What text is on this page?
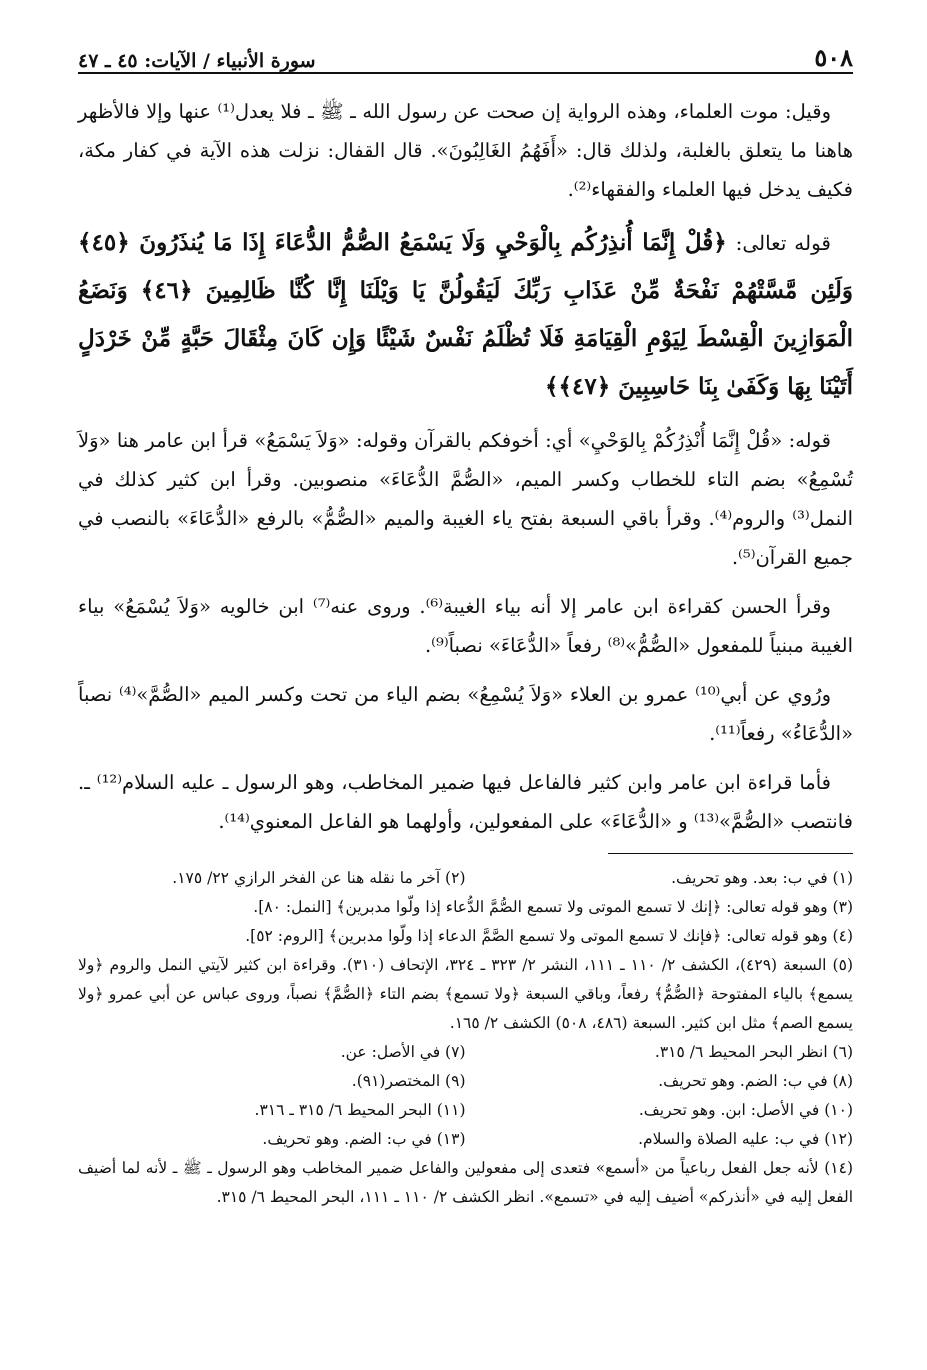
٥٠٨
سورة الأنبياء / الآيات: ٤٥ ـ ٤٧

وقيل: موت العلماء، وهذه الرواية إن صحت عن رسول الله ـ ﷺ ـ فلا يعدل⁽¹⁾ عنها وإلا فالأظهر هاهنا ما يتعلق بالغلبة، ولذلك قال: «أَفَهُمُ الغَالِبُونَ». قال القفال: نزلت هذه الآية في كفار مكة، فكيف يدخل فيها العلماء والفقهاء⁽²⁾.

قوله تعالى: ﴿قُلْ إِنَّمَا أُنذِرُكُم بِالْوَحْيِ وَلَا يَسْمَعُ الصُّمُّ الدُّعَاءَ إِذَا مَا يُنذَرُونَ ﴿٤٥﴾ وَلَئِن مَّسَّتْهُمْ نَفْحَةٌ مِّنْ عَذَابِ رَبِّكَ لَيَقُولُنَّ يَا وَيْلَنَا إِنَّا كُنَّا ظَالِمِينَ ﴿٤٦﴾ وَنَضَعُ الْمَوَازِينَ الْقِسْطَ لِيَوْمِ الْقِيَامَةِ فَلَا تُظْلَمُ نَفْسٌ شَيْئًا وَإِن كَانَ مِثْقَالَ حَبَّةٍ مِّنْ خَرْدَلٍ أَتَيْنَا بِهَا وَكَفَىٰ بِنَا حَاسِبِينَ ﴿٤٧﴾﴾

قوله: «قُلْ إِنَّمَا أُنْذِرُكُمْ بِالوَحْيِ» أي: أخوفكم بالقرآن وقوله: «وَلاَ يَسْمَعُ» قرأ ابن عامر هنا «وَلاَ تُسْمِعُ» بضم التاء للخطاب وكسر الميم، «الصُّمَّ الدُّعَاءَ» منصوبين. وقرأ ابن كثير كذلك في النمل⁽³⁾ والروم⁽⁴⁾. وقرأ باقي السبعة بفتح ياء الغيبة والميم «الصُّمُّ» بالرفع «الدُّعَاءَ» بالنصب في جميع القرآن⁽⁵⁾.

وقرأ الحسن كقراءة ابن عامر إلا أنه بياء الغيبة⁽⁶⁾. وروى عنه⁽⁷⁾ ابن خالويه «وَلاَ يُسْمَعُ» بياء الغيبة مبنياً للمفعول «الصُّمُّ»⁽⁸⁾ رفعاً «الدُّعَاءَ» نصباً⁽⁹⁾.

ورُوي عن أبي⁽¹⁰⁾ عمرو بن العلاء «وَلاَ يُسْمِعُ» بضم الياء من تحت وكسر الميم «الصُّمَّ»⁽⁴⁾ نصباً «الدُّعَاءُ» رفعاً⁽¹¹⁾.

فأما قراءة ابن عامر وابن كثير فالفاعل فيها ضمير المخاطب، وهو الرسول ـ عليه السلام⁽¹²⁾ ـ. فانتصب «الصُّمَّ»⁽¹³⁾ و «الدُّعَاءَ» على المفعولين، وأولهما هو الفاعل المعنوي⁽¹⁴⁾.

(١) في ب: بعد. وهو تحريف.
(٢) آخر ما نقله هنا عن الفخر الرازي ٢٢/ ١٧٥.
(٣) وهو قوله تعالى: ﴿إنك لا تسمع الموتى ولا تسمع الصُّمَّ الدُّعاء إذا ولّوا مدبرين﴾ [النمل: ٨٠].
(٤) وهو قوله تعالى: ﴿فإنك لا تسمع الموتى ولا تسمع الصَّمَّ الدعاء إذا ولّوا مدبرين﴾ [الروم: ٥٢].
(٥) السبعة (٤٢٩)، الكشف ٢/ ١١٠ ـ ١١١، النشر ٢/ ٣٢٣ ـ ٣٢٤، الإتحاف (٣١٠). وقراءة ابن كثير لآيتي النمل والروم ﴿ولا يسمع﴾ بالياء المفتوحة ﴿الصُّمُّ﴾ رفعاً، وباقي السبعة ﴿ولا تسمع﴾ بضم التاء ﴿الصُّمَّ﴾ نصباً، وروى عباس عن أبي عمرو ﴿ولا يسمع الصم﴾ مثل ابن كثير. السبعة (٤٨٦، ٥٠٨) الكشف ٢/ ١٦٥.
(٦) انظر البحر المحيط ٦/ ٣١٥.
(٧) في الأصل: عن.
(٨) في ب: الضم. وهو تحريف.
(٩) المختصر(٩١).
(١٠) في الأصل: ابن. وهو تحريف.
(١١) البحر المحيط ٦/ ٣١٥ ـ ٣١٦.
(١٢) في ب: عليه الصلاة والسلام.
(١٣) في ب: الضم. وهو تحريف.
(١٤) لأنه جعل الفعل رباعياً من «أسمع» فتعدى إلى مفعولين والفاعل ضمير المخاطب وهو الرسول ـ ﷺ ـ لأنه لما أضيف الفعل إليه في «أنذركم» أضيف إليه في «تسمع». انظر الكشف ٢/ ١١٠ ـ ١١١، البحر المحيط ٦/ ٣١٥.
